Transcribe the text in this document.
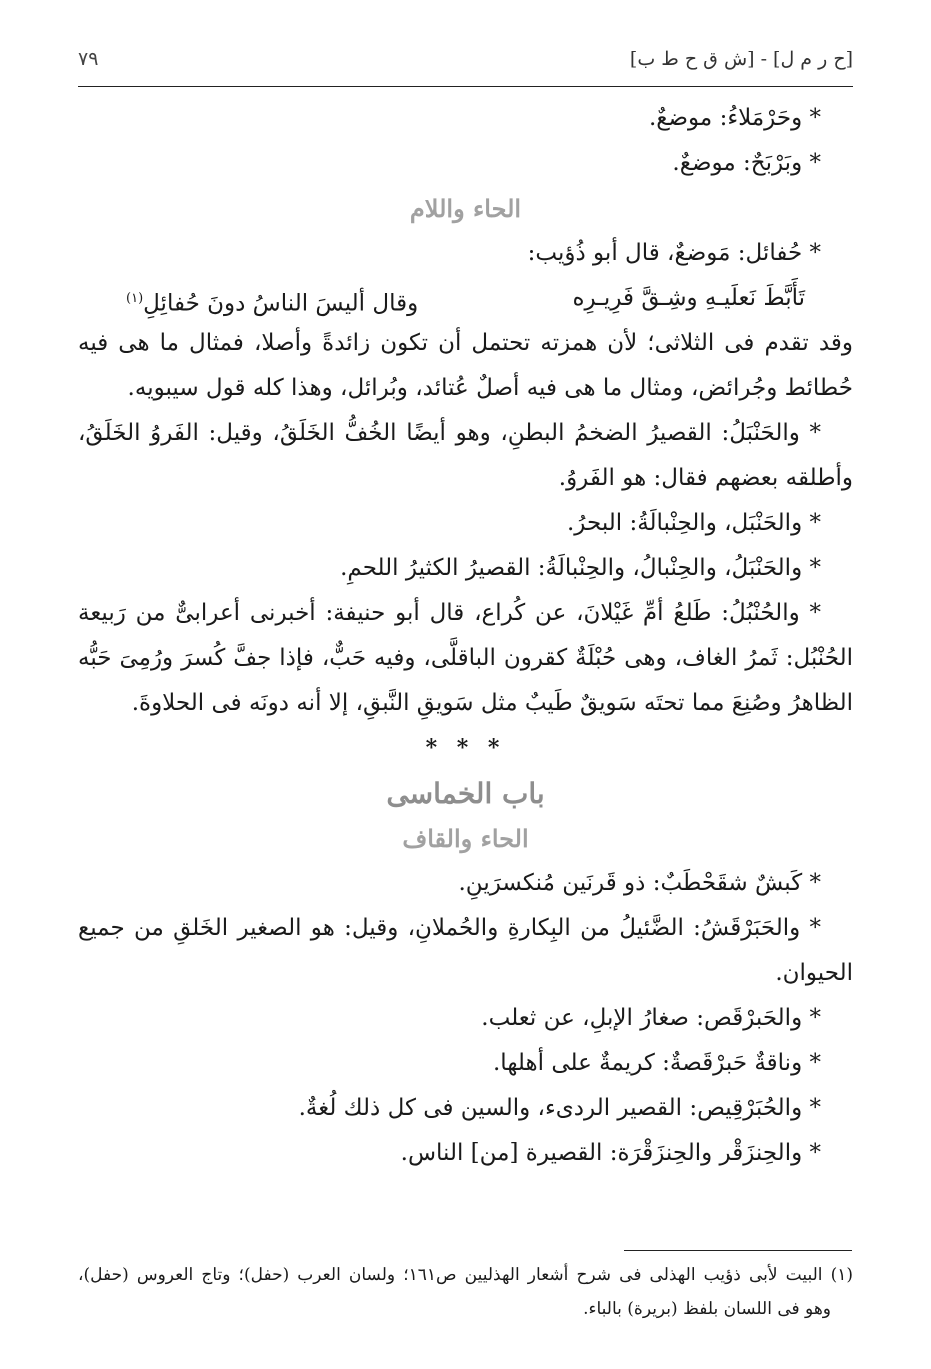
[ح ر م ل] - [ش ق ح ط ب]
٧٩
* وحَرْمَلاءُ: موضعٌ.
* وبَرْبَحٌ: موضعٌ.
الحاء واللام
* حُفائل: مَوضعٌ، قال أبو ذُؤيب:
تَأَبَّطَ نَعلَيـهِ وشِـقَّ فَرِيـرِه
وقال أليسَ الناسُ دونَ حُفائِلِ$^{(١)}$
وقد تقدم فى الثلاثى؛ لأن همزته تحتمل أن تكون زائدةً وأصلا، فمثال ما هى فيه
حُطائط وجُرائض، ومثال ما هى فيه أصلٌ عُتائد، وبُرائل، وهذا كله قول سيبويه.
* والحَنْبَلُ: القصيرُ الضخمُ البطنِ، وهو أيضًا الخُفُّ الخَلَقُ، وقيل: الفَروُ الخَلَقُ،
وأطلقه بعضهم فقال: هو الفَروُ.
* والحَنْبَل، والحِنْبالَةُ: البحرُ.
* والحَنْبَلُ، والحِنْبالُ، والحِنْبالَةُ: القصيرُ الكثيرُ اللحمِ.
* والحُنْبُلُ: طَلعُ أمِّ غَيْلانَ، عن كُراع، قال أبو حنيفة: أخبرنى أعرابىٌّ من رَبيعة
الحُنْبُل: ثَمرُ الغاف، وهى حُبْلَةٌ كقرون الباقلَّى، وفيه حَبٌّ، فإذا جفَّ كُسرَ ورُمِىَ حَبُّه
الظاهرُ وصُنِعَ مما تحتَه سَويقٌ طَيبٌ مثل سَويقِ النَّبقِ، إلا أنه دونَه فى الحلاوةَ.
* * *
باب الخماسى
الحاء والقاف
* كَبشٌ شقَحْطَبٌ: ذو قَرنَين مُنكسرَينِ.
* والحَبَرْقَشُ: الضَّئيلُ من البِكارةِ والحُملانِ، وقيل: هو الصغير الخَلقِ من جميع
الحيوان.
* والحَبرْقَص: صغارُ الإبلِ، عن ثعلب.
* وناقةٌ حَبرْقَصةٌ: كريمةٌ على أهلها.
* والحُبَرْقِيص: القصير الردىء، والسين فى كل ذلك لُغةٌ.
* والحِنزَقْر والحِنزَقْرَة: القصيرة [من] الناس.
(١) البيت لأبى ذؤيب الهذلى فى شرح أشعار الهذليين ص١٦١؛ ولسان العرب (حفل)؛ وتاج العروس (حفل)،
وهو فى اللسان بلفظ (بريرة) بالباء.
